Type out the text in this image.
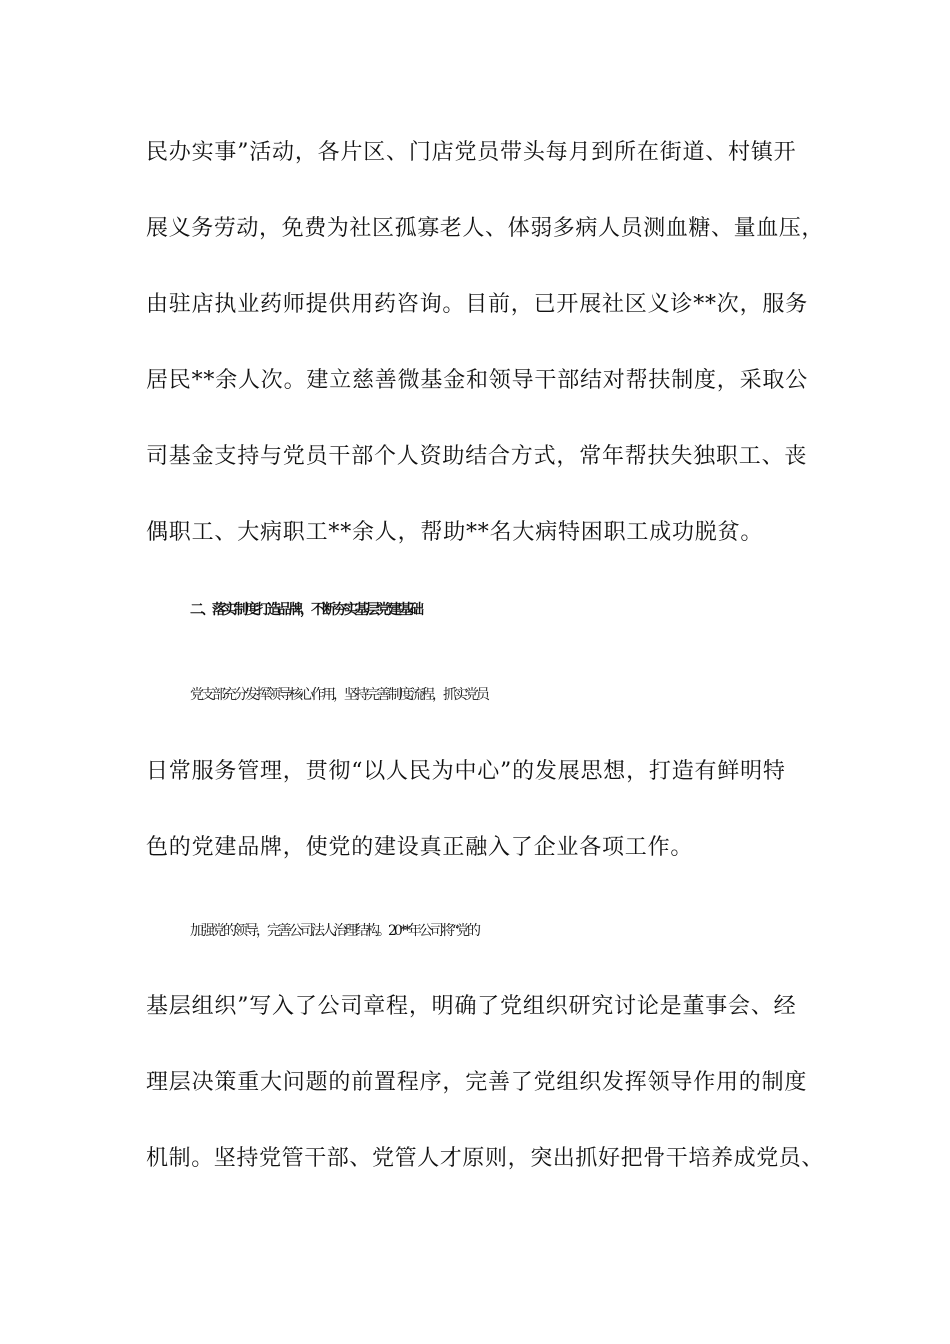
民办实事”活动，各片区、门店党员带头每月到所在街道、村镇开
展义务劳动，免费为社区孤寡老人、体弱多病人员测血糖、量血压，
由驻店执业药师提供用药咨询。目前，已开展社区义诊**次，服务
居民**余人次。建立慈善微基金和领导干部结对帮扶制度，采取公
司基金支持与党员干部个人资助结合方式，常年帮扶失独职工、丧
偶职工、大病职工**余人，帮助**名大病特困职工成功脱贫。
二、落实制度打造品牌，不断夯实基层党建基础
党支部充分发挥领导核心作用，坚持完善制度流程，抓实党员
日常服务管理，贯彻“以人民为中心”的发展思想，打造有鲜明特
色的党建品牌，使党的建设真正融入了企业各项工作。
加强党的领导，完善公司法人治理结构。20**年公司将“党的
基层组织”写入了公司章程，明确了党组织研究讨论是董事会、经
理层决策重大问题的前置程序，完善了党组织发挥领导作用的制度
机制。坚持党管干部、党管人才原则，突出抓好把骨干培养成党员、
